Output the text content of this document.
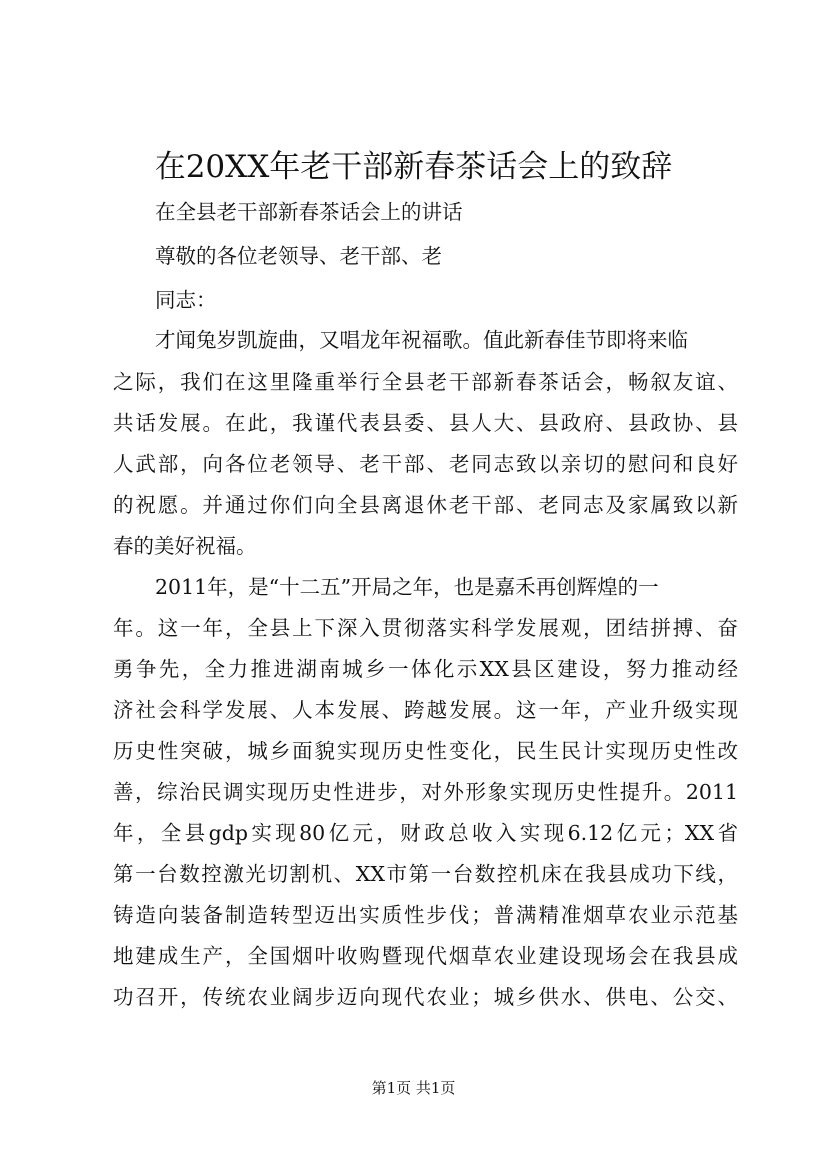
在20XX年老干部新春茶话会上的致辞
在全县老干部新春茶话会上的讲话
尊敬的各位老领导、老干部、老
同志：
才闻兔岁凯旋曲，又唱龙年祝福歌。值此新春佳节即将来临
之际，我们在这里隆重举行全县老干部新春茶话会，畅叙友谊、
共话发展。在此，我谨代表县委、县人大、县政府、县政协、县
人武部，向各位老领导、老干部、老同志致以亲切的慰问和良好
的祝愿。并通过你们向全县离退休老干部、老同志及家属致以新
春的美好祝福。
2011年，是“十二五”开局之年，也是嘉禾再创辉煌的一
年。这一年，全县上下深入贯彻落实科学发展观，团结拼搏、奋
勇争先，全力推进湖南城乡一体化示XX县区建设，努力推动经
济社会科学发展、人本发展、跨越发展。这一年，产业升级实现
历史性突破，城乡面貌实现历史性变化，民生民计实现历史性改
善，综治民调实现历史性进步，对外形象实现历史性提升。2011
年，全县gdp实现80亿元，财政总收入实现6.12亿元；XX省
第一台数控激光切割机、XX市第一台数控机床在我县成功下线，
铸造向装备制造转型迈出实质性步伐；普满精准烟草农业示范基
地建成生产，全国烟叶收购暨现代烟草农业建设现场会在我县成
功召开，传统农业阔步迈向现代农业；城乡供水、供电、公交、
第1页 共1页
